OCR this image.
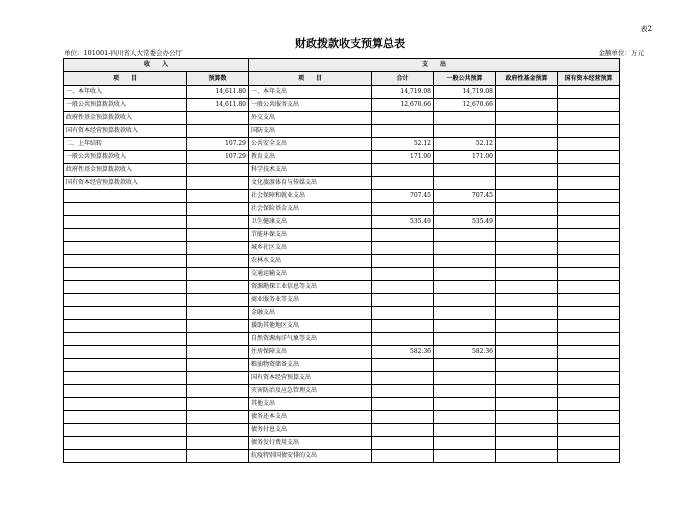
表2
财政拨款收支预算总表
单位：101001-四川省人大常委会办公厅	金额单位：万元
收　　入		支　　出				
项　　目	预算数	项　　目	合计	一般公共预算	政府性基金预算	国有资本经营预算
一、本年收入	14,611.80	一、本年支出	14,719.08	14,719.08		
一般公共预算拨款收入	14,611.80	一般公共服务支出	12,670.66	12,670.66		
政府性基金预算拨款收入		外交支出				
国有资本经营预算拨款收入		国防支出				
二、上年结转	107.29	公共安全支出	52.12	52.12		
一般公共预算拨款收入	107.29	教育支出	171.00	171.00		
政府性基金预算拨款收入		科学技术支出				
国有资本经营预算拨款收入		文化旅游体育与传媒支出				
		社会保障和就业支出	707.45	707.45		
		社会保险基金支出				
		卫生健康支出	535.49	535.49		
		节能环保支出				
		城乡社区支出				
		农林水支出				
		交通运输支出				
		资源勘探工业信息等支出				
		商业服务业等支出				
		金融支出				
		援助其他地区支出				
		自然资源海洋气象等支出				
		住房保障支出	582.36	582.36		
		粮油物资储备支出				
		国有资本经营预算支出				
		灾害防治及应急管理支出				
		其他支出				
		债务还本支出				
		债务付息支出				
		债务发行费用支出				
		抗疫特别国债安排的支出				
